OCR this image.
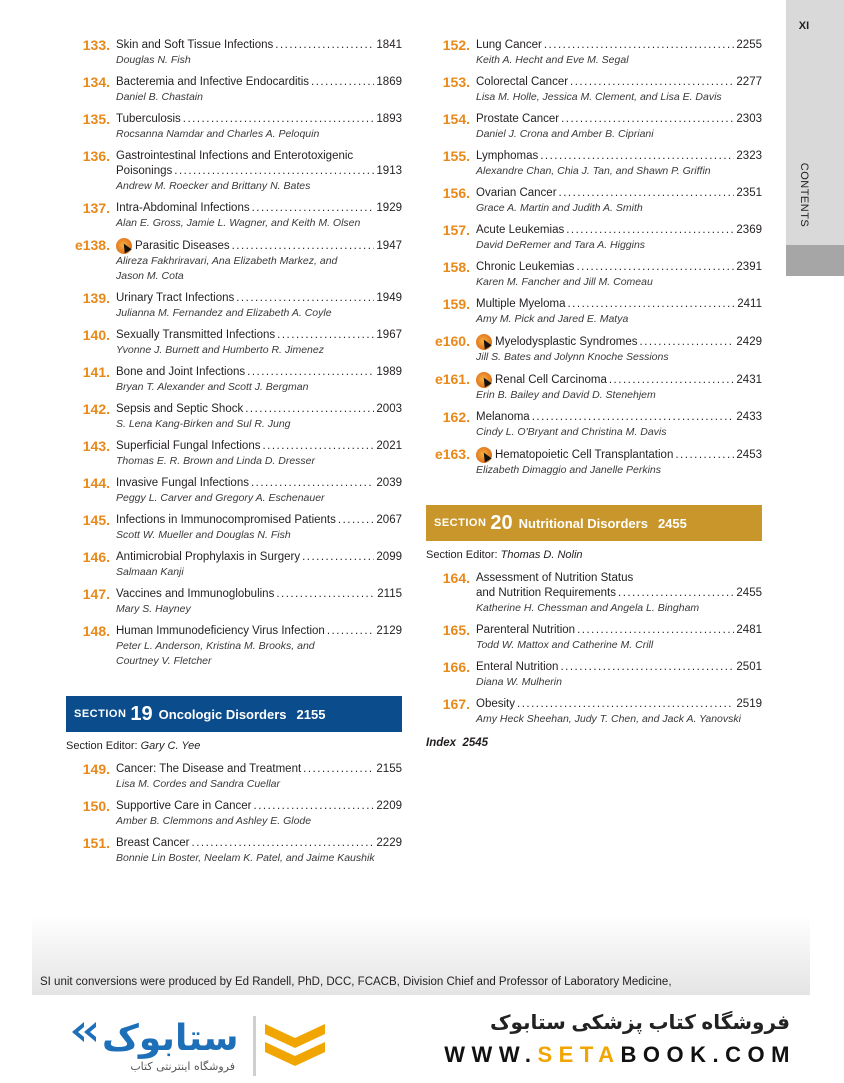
XI
CONTENTS
133. Skin and Soft Tissue Infections .....	1841
Douglas N. Fish
134. Bacteremia and Infective Endocarditis .....	1869
Daniel B. Chastain
135. Tuberculosis .....	1893
Rocsanna Namdar and Charles A. Peloquin
136. Gastrointestinal Infections and Enterotoxigenic
Poisonings .....	1913
Andrew M. Roecker and Brittany N. Bates
137. Intra-Abdominal Infections .....	1929
Alan E. Gross, Jamie L. Wagner, and Keith M. Olsen
e138. Parasitic Diseases .....	1947
Alireza Fakhriravari, Ana Elizabeth Markez, and
Jason M. Cota
139. Urinary Tract Infections .....	1949
Julianna M. Fernandez and Elizabeth A. Coyle
140. Sexually Transmitted Infections .....	1967
Yvonne J. Burnett and Humberto R. Jimenez
141. Bone and Joint Infections .....	1989
Bryan T. Alexander and Scott J. Bergman
142. Sepsis and Septic Shock .....	2003
S. Lena Kang-Birken and Sul R. Jung
143. Superficial Fungal Infections .....	2021
Thomas E. R. Brown and Linda D. Dresser
144. Invasive Fungal Infections .....	2039
Peggy L. Carver and Gregory A. Eschenauer
145. Infections in Immunocompromised Patients .....	2067
Scott W. Mueller and Douglas N. Fish
146. Antimicrobial Prophylaxis in Surgery .....	2099
Salmaan Kanji
147. Vaccines and Immunoglobulins .....	2115
Mary S. Hayney
148. Human Immunodeficiency Virus Infection .....	2129
Peter L. Anderson, Kristina M. Brooks, and
Courtney V. Fletcher
SECTION 19 Oncologic Disorders 2155
Section Editor: Gary C. Yee
149. Cancer: The Disease and Treatment .....	2155
Lisa M. Cordes and Sandra Cuellar
150. Supportive Care in Cancer .....	2209
Amber B. Clemmons and Ashley E. Glode
151. Breast Cancer .....	2229
Bonnie Lin Boster, Neelam K. Patel, and Jaime Kaushik
152. Lung Cancer .....	2255
Keith A. Hecht and Eve M. Segal
153. Colorectal Cancer .....	2277
Lisa M. Holle, Jessica M. Clement, and Lisa E. Davis
154. Prostate Cancer .....	2303
Daniel J. Crona and Amber B. Cipriani
155. Lymphomas .....	2323
Alexandre Chan, Chia J. Tan, and Shawn P. Griffin
156. Ovarian Cancer .....	2351
Grace A. Martin and Judith A. Smith
157. Acute Leukemias .....	2369
David DeRemer and Tara A. Higgins
158. Chronic Leukemias .....	2391
Karen M. Fancher and Jill M. Comeau
159. Multiple Myeloma .....	2411
Amy M. Pick and Jared E. Matya
e160. Myelodysplastic Syndromes .....	2429
Jill S. Bates and Jolynn Knoche Sessions
e161. Renal Cell Carcinoma .....	2431
Erin B. Bailey and David D. Stenehjem
162. Melanoma .....	2433
Cindy L. O'Bryant and Christina M. Davis
e163. Hematopoietic Cell Transplantation .....	2453
Elizabeth Dimaggio and Janelle Perkins
SECTION 20 Nutritional Disorders 2455
Section Editor: Thomas D. Nolin
164. Assessment of Nutrition Status
and Nutrition Requirements .....	2455
Katherine H. Chessman and Angela L. Bingham
165. Parenteral Nutrition .....	2481
Todd W. Mattox and Catherine M. Crill
166. Enteral Nutrition .....	2501
Diana W. Mulherin
167. Obesity .....	2519
Amy Heck Sheehan, Judy T. Chen, and Jack A. Yanovski
Index 2545
SI unit conversions were produced by Ed Randell, PhD, DCC, FCACB, Division Chief and Professor of Laboratory Medicine,
ستابوک
فروشگاه اینترنتی کتاب
فروشگاه کتاب پزشکی ستابوک
WWW.SETABOOK.COM
